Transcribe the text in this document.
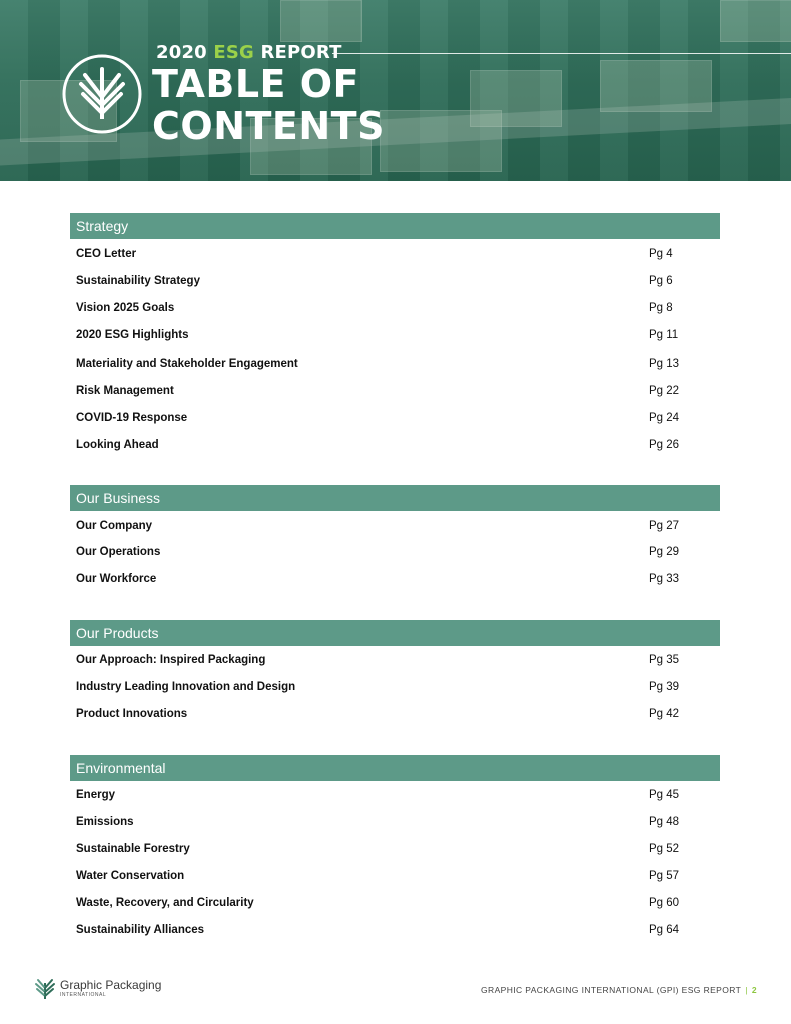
2020 ESG REPORT
TABLE OF
CONTENTS
Strategy
CEO Letter	Pg 4
Sustainability Strategy	Pg 6
Vision 2025 Goals	Pg 8
2020 ESG Highlights	Pg 11
Materiality and Stakeholder Engagement	Pg 13
Risk Management	Pg 22
COVID-19 Response	Pg 24
Looking Ahead	Pg 26
Our Business
Our Company	Pg 27
Our Operations	Pg 29
Our Workforce	Pg 33
Our Products
Our Approach: Inspired Packaging	Pg 35
Industry Leading Innovation and Design	Pg 39
Product Innovations	Pg 42
Environmental
Energy	Pg 45
Emissions	Pg 48
Sustainable Forestry	Pg 52
Water Conservation	Pg 57
Waste, Recovery, and Circularity	Pg 60
Sustainability Alliances	Pg 64
Graphic Packaging
INTERNATIONAL	GRAPHIC PACKAGING INTERNATIONAL (GPI) ESG REPORT | 2
